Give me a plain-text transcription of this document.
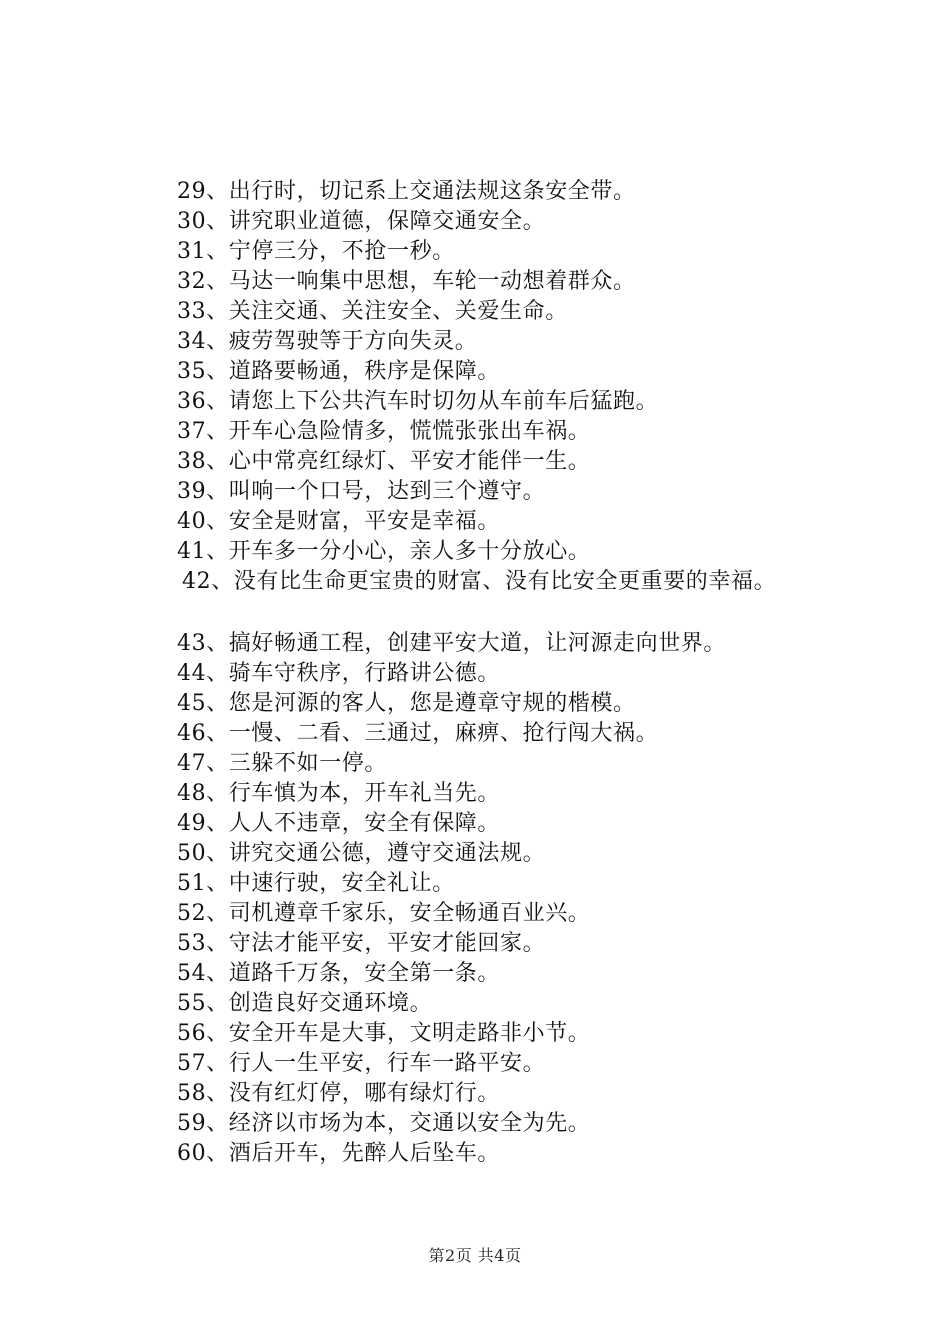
29、出行时，切记系上交通法规这条安全带。
30、讲究职业道德，保障交通安全。
31、宁停三分，不抢一秒。
32、马达一响集中思想，车轮一动想着群众。
33、关注交通、关注安全、关爱生命。
34、疲劳驾驶等于方向失灵。
35、道路要畅通，秩序是保障。
36、请您上下公共汽车时切勿从车前车后猛跑。
37、开车心急险情多，慌慌张张出车祸。
38、心中常亮红绿灯、平安才能伴一生。
39、叫响一个口号，达到三个遵守。
40、安全是财富，平安是幸福。
41、开车多一分小心，亲人多十分放心。
42、没有比生命更宝贵的财富、没有比安全更重要的幸福。
43、搞好畅通工程，创建平安大道，让河源走向世界。
44、骑车守秩序，行路讲公德。
45、您是河源的客人，您是遵章守规的楷模。
46、一慢、二看、三通过，麻痹、抢行闯大祸。
47、三躲不如一停。
48、行车慎为本，开车礼当先。
49、人人不违章，安全有保障。
50、讲究交通公德，遵守交通法规。
51、中速行驶，安全礼让。
52、司机遵章千家乐，安全畅通百业兴。
53、守法才能平安，平安才能回家。
54、道路千万条，安全第一条。
55、创造良好交通环境。
56、安全开车是大事，文明走路非小节。
57、行人一生平安，行车一路平安。
58、没有红灯停，哪有绿灯行。
59、经济以市场为本，交通以安全为先。
60、酒后开车，先醉人后坠车。
第2页 共4页
